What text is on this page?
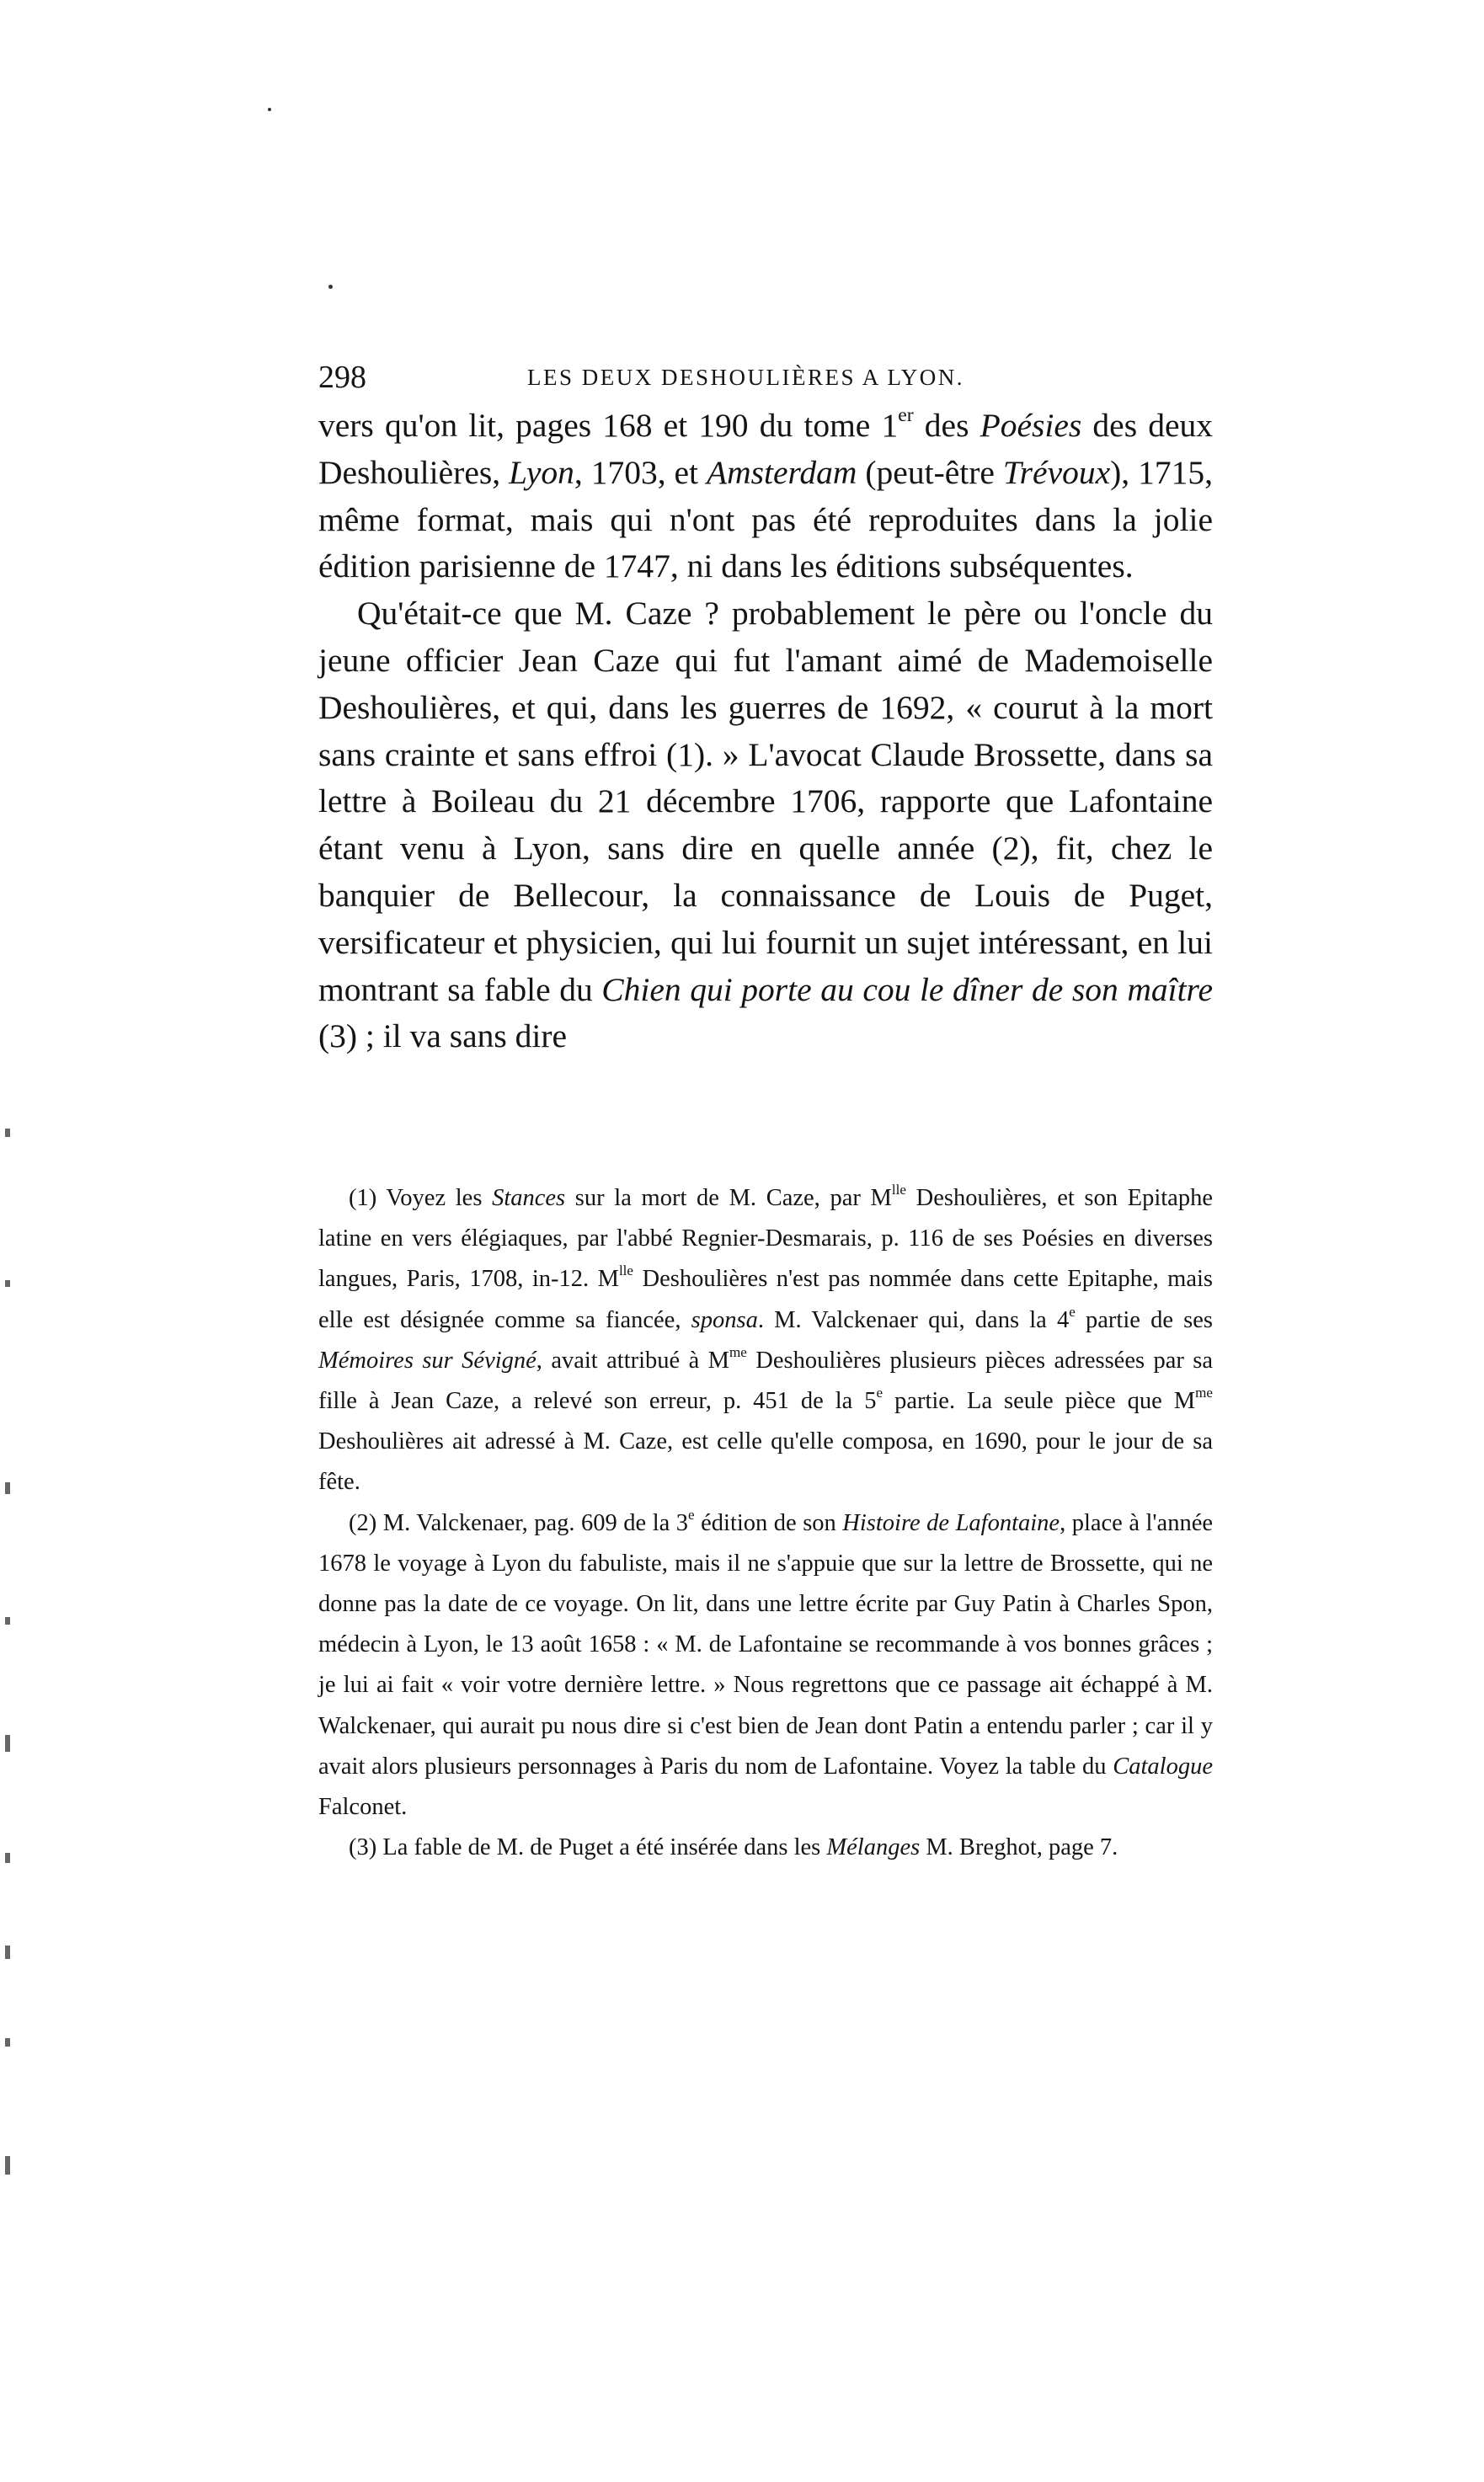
298	LES DEUX DESHOULIÈRES A LYON.

vers qu'on lit, pages 168 et 190 du tome 1er des Poésies des deux Deshoulières, Lyon, 1703, et Amsterdam (peut-être Trévoux), 1715, même format, mais qui n'ont pas été reproduites dans la jolie édition parisienne de 1747, ni dans les éditions subséquentes.

Qu'était-ce que M. Caze ? probablement le père ou l'oncle du jeune officier Jean Caze qui fut l'amant aimé de Mademoiselle Deshoulières, et qui, dans les guerres de 1692, « courut à la mort sans crainte et sans effroi (1). » L'avocat Claude Brossette, dans sa lettre à Boileau du 21 décembre 1706, rapporte que Lafontaine étant venu à Lyon, sans dire en quelle année (2), fit, chez le banquier de Bellecour, la connaissance de Louis de Puget, versificateur et physicien, qui lui fournit un sujet intéressant, en lui montrant sa fable du Chien qui porte au cou le dîner de son maître (3) ; il va sans dire

(1) Voyez les Stances sur la mort de M. Caze, par $M^{lle}$ Deshoulières, et son Epitaphe latine en vers élégiaques, par l'abbé Regnier-Desmarais, p. 116 de ses Poésies en diverses langues, Paris, 1708, in-12. $M^{lle}$ Deshoulières n'est pas nommée dans cette Epitaphe, mais elle est désignée comme sa fiancée, sponsa. M. Valckenaer qui, dans la 4e partie de ses Mémoires sur Sévigné, avait attribué à $M^{me}$ Deshoulières plusieurs pièces adressées par sa fille à Jean Caze, a relevé son erreur, p. 451 de la 5e partie. La seule pièce que $M^{me}$ Deshoulières ait adressé à M. Caze, est celle qu'elle composa, en 1690, pour le jour de sa fête.

(2) M. Valckenaer, pag. 609 de la 3e édition de son Histoire de Lafontaine, place à l'année 1678 le voyage à Lyon du fabuliste, mais il ne s'appuie que sur la lettre de Brossette, qui ne donne pas la date de ce voyage. On lit, dans une lettre écrite par Guy Patin à Charles Spon, médecin à Lyon, le 13 août 1658 : « M. de Lafontaine se recommande à vos bonnes grâces ; je lui ai fait « voir votre dernière lettre. » Nous regrettons que ce passage ait échappé à M. Walckenaer, qui aurait pu nous dire si c'est bien de Jean dont Patin a entendu parler ; car il y avait alors plusieurs personnages à Paris du nom de Lafontaine. Voyez la table du Catalogue Falconet.

(3) La fable de M. de Puget a été insérée dans les Mélanges M. Breghot, page 7.
